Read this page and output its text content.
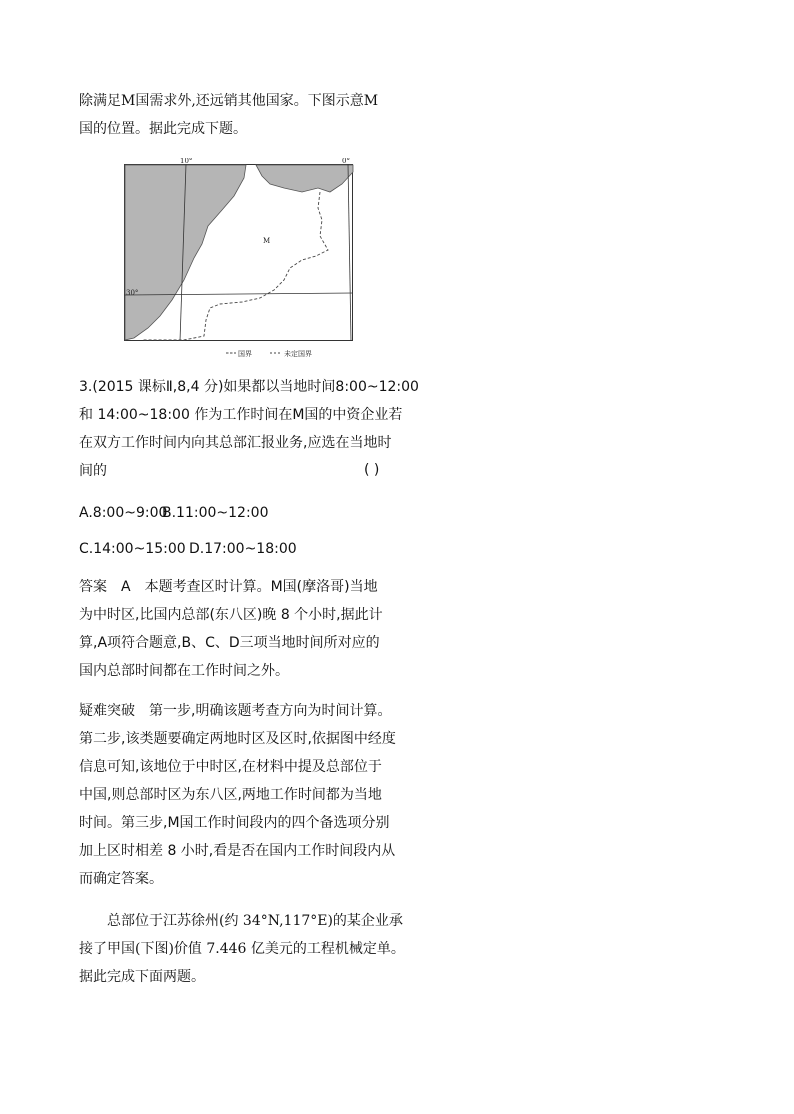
除满足M国需求外,还远销其他国家。下图示意M
国的位置。据此完成下题。
10°	0°
30°
M
国界	未定国界
3.(2015 课标Ⅱ,8,4 分)如果都以当地时间8:00~12:00
和 14:00~18:00 作为工作时间在M国的中资企业若
在双方工作时间内向其总部汇报业务,应选在当地时
间的	( )
A.8:00~9:00
B.11:00~12:00
C.14:00~15:00 D.17:00~18:00
答案　A　本题考查区时计算。M国(摩洛哥)当地
为中时区,比国内总部(东八区)晚 8 个小时,据此计
算,A项符合题意,B、C、D三项当地时间所对应的
国内总部时间都在工作时间之外。
疑难突破　第一步,明确该题考查方向为时间计算。
第二步,该类题要确定两地时区及区时,依据图中经度
信息可知,该地位于中时区,在材料中提及总部位于
中国,则总部时区为东八区,两地工作时间都为当地
时间。第三步,M国工作时间段内的四个备选项分别
加上区时相差 8 小时,看是否在国内工作时间段内从
而确定答案。
总部位于江苏徐州(约 34°N,117°E)的某企业承
接了甲国(下图)价值 7.446 亿美元的工程机械定单。
据此完成下面两题。
